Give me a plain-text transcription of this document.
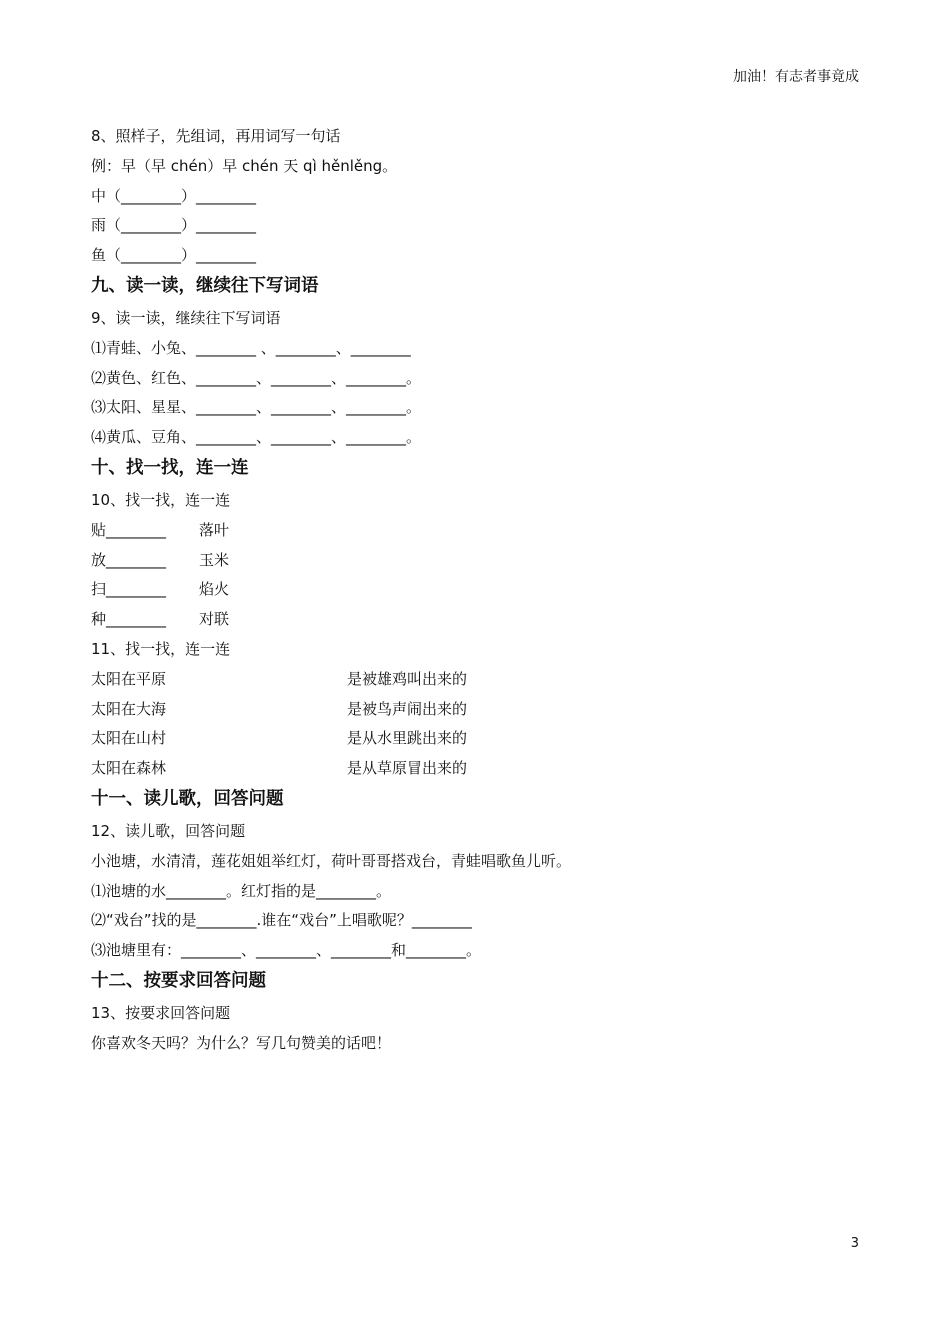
加油！有志者事竟成
8、照样子，先组词，再用词写一句话
例：早（早 chén）早 chén 天 qì hěnlěng。
中（________）________
雨（________）________
鱼（________）________
九、读一读，继续往下写词语
9、读一读，继续往下写词语
⑴青蛙、小兔、________ 、________、________
⑵黄色、红色、________、________、________。
⑶太阳、星星、________、________、________。
⑷黄瓜、豆角、________、________、________。
十、找一找，连一连
10、找一找，连一连
贴________	落叶
放________	玉米
扫________	焰火
种________	对联
11、找一找，连一连
太阳在平原	是被雄鸡叫出来的
太阳在大海	是被鸟声闹出来的
太阳在山村	是从水里跳出来的
太阳在森林	是从草原冒出来的
十一、读儿歌，回答问题
12、读儿歌，回答问题
小池塘，水清清，莲花姐姐举红灯，荷叶哥哥搭戏台，青蛙唱歌鱼儿听。
⑴池塘的水________。红灯指的是________。
⑵“戏台”找的是________.谁在“戏台”上唱歌呢？________
⑶池塘里有：________、________、________和________。
十二、按要求回答问题
13、按要求回答问题
你喜欢冬天吗？为什么？写几句赞美的话吧！
3
